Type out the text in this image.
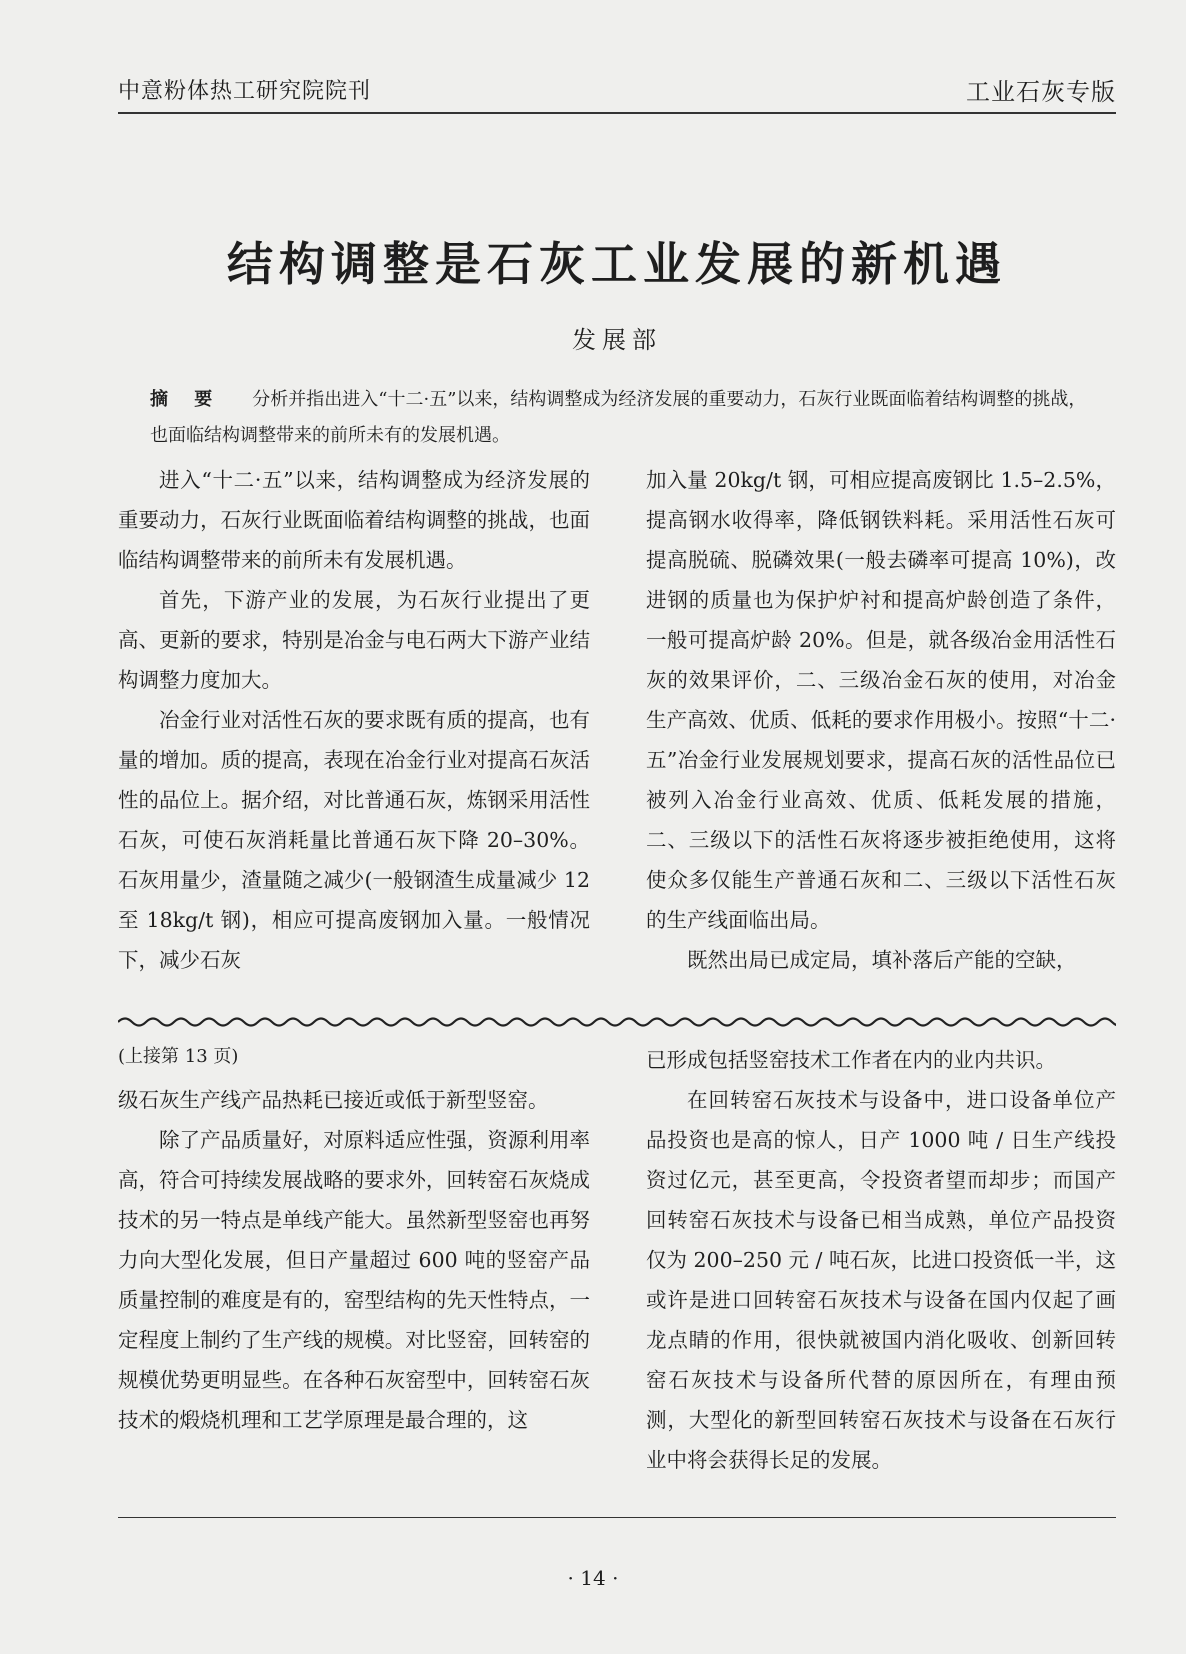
中意粉体热工研究院院刊	工业石灰专版
结构调整是石灰工业发展的新机遇
发展部
摘 要 分析并指出进入“十二·五”以来，结构调整成为经济发展的重要动力，石灰行业既面临着结构调整的挑战，也面临结构调整带来的前所未有的发展机遇。

进入“十二·五”以来，结构调整成为经济发展的重要动力，石灰行业既面临着结构调整的挑战，也面临结构调整带来的前所未有发展机遇。

首先，下游产业的发展，为石灰行业提出了更高、更新的要求，特别是冶金与电石两大下游产业结构调整力度加大。

冶金行业对活性石灰的要求既有质的提高，也有量的增加。质的提高，表现在冶金行业对提高石灰活性的品位上。据介绍，对比普通石灰，炼钢采用活性石灰，可使石灰消耗量比普通石灰下降 20–30%。石灰用量少，渣量随之减少(一般钢渣生成量减少 12 至 18kg/t 钢)，相应可提高废钢加入量。一般情况下，减少石灰

加入量 20kg/t 钢，可相应提高废钢比 1.5–2.5%，提高钢水收得率，降低钢铁料耗。采用活性石灰可提高脱硫、脱磷效果(一般去磷率可提高 10%)，改进钢的质量也为保护炉衬和提高炉龄创造了条件，一般可提高炉龄 20%。但是，就各级冶金用活性石灰的效果评价，二、三级冶金石灰的使用，对冶金生产高效、优质、低耗的要求作用极小。按照“十二·五”冶金行业发展规划要求，提高石灰的活性品位已被列入冶金行业高效、优质、低耗发展的措施，二、三级以下的活性石灰将逐步被拒绝使用，这将使众多仅能生产普通石灰和二、三级以下活性石灰的生产线面临出局。

既然出局已成定局，填补落后产能的空缺，

(上接第 13 页)

级石灰生产线产品热耗已接近或低于新型竖窑。

除了产品质量好，对原料适应性强，资源利用率高，符合可持续发展战略的要求外，回转窑石灰烧成技术的另一特点是单线产能大。虽然新型竖窑也再努力向大型化发展，但日产量超过 600 吨的竖窑产品质量控制的难度是有的，窑型结构的先天性特点，一定程度上制约了生产线的规模。对比竖窑，回转窑的规模优势更明显些。在各种石灰窑型中，回转窑石灰技术的煅烧机理和工艺学原理是最合理的，这

已形成包括竖窑技术工作者在内的业内共识。

在回转窑石灰技术与设备中，进口设备单位产品投资也是高的惊人，日产 1000 吨 / 日生产线投资过亿元，甚至更高，令投资者望而却步；而国产回转窑石灰技术与设备已相当成熟，单位产品投资仅为 200–250 元 / 吨石灰，比进口投资低一半，这或许是进口回转窑石灰技术与设备在国内仅起了画龙点睛的作用，很快就被国内消化吸收、创新回转窑石灰技术与设备所代替的原因所在，有理由预测，大型化的新型回转窑石灰技术与设备在石灰行业中将会获得长足的发展。

· 14 ·
